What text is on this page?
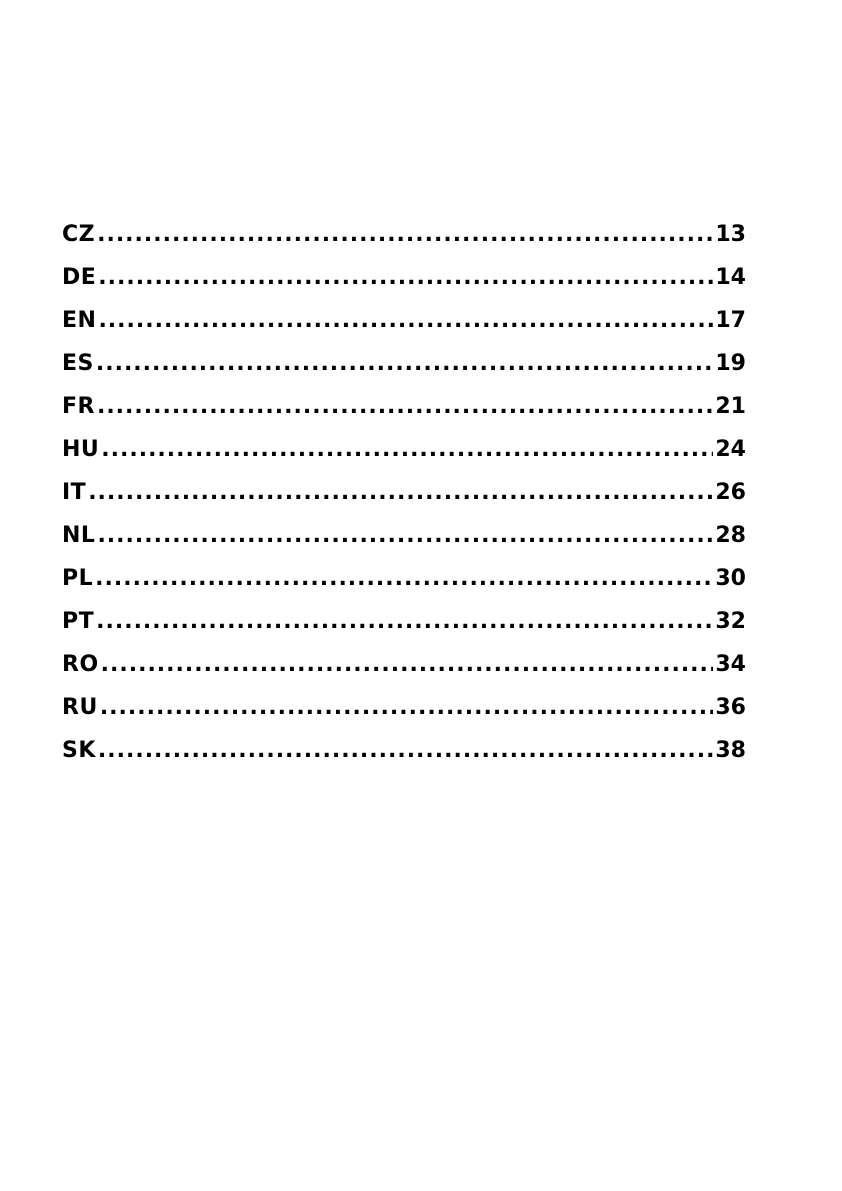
CZ .....	13
DE .....	14
EN .....	17
ES .....	19
FR .....	21
HU .....	24
IT .....	26
NL .....	28
PL .....	30
PT .....	32
RO .....	34
RU .....	36
SK .....	38
